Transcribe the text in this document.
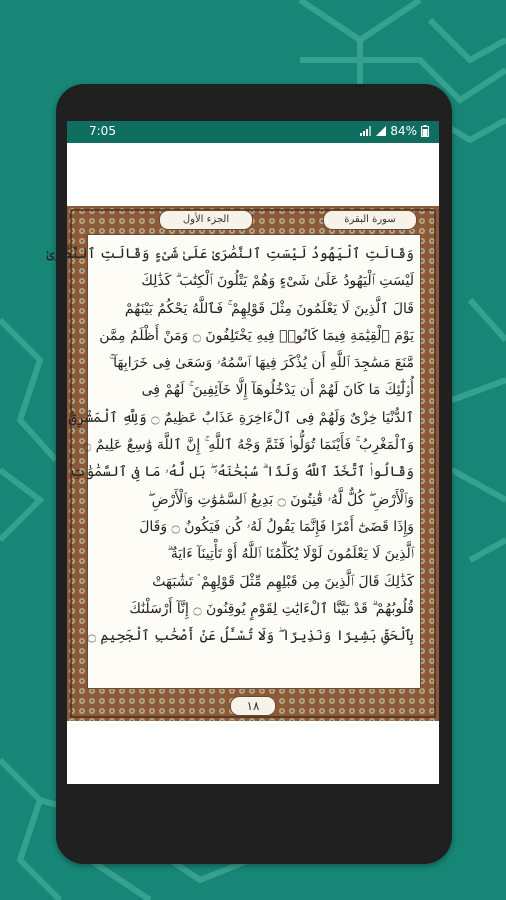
7:05	84%
سورة البقرة
الجزء الأول
وَقَالَتِ ٱلْيَهُودُ لَيْسَتِ ٱلنَّصَٰرَىٰ عَلَىٰ شَىْءٍ وَقَالَتِ ٱلنَّصَٰرَىٰ
لَيْسَتِ ٱلْيَهُودُ عَلَىٰ شَىْءٍ وَهُمْ يَتْلُونَ ٱلْكِتَٰبَ ۗ كَذَٰلِكَ
قَالَ ٱلَّذِينَ لَا يَعْلَمُونَ مِثْلَ قَوْلِهِمْ ۚ فَٱللَّهُ يَحْكُمُ بَيْنَهُمْ
يَوْمَ ٱلْقِيَٰمَةِ فِيمَا كَانُوا۟ فِيهِ يَخْتَلِفُونَ ۝ وَمَنْ أَظْلَمُ مِمَّن
مَّنَعَ مَسَٰجِدَ ٱللَّهِ أَن يُذْكَرَ فِيهَا ٱسْمُهُۥ وَسَعَىٰ فِى خَرَابِهَآ ۚ
أُو۟لَٰٓئِكَ مَا كَانَ لَهُمْ أَن يَدْخُلُوهَآ إِلَّا خَآئِفِينَ ۚ لَهُمْ فِى
ٱلدُّنْيَا خِزْىٌ وَلَهُمْ فِى ٱلْءَاخِرَةِ عَذَابٌ عَظِيمٌ ۝ وَلِلَّهِ ٱلْمَشْرِقُ
وَٱلْمَغْرِبُ ۚ فَأَيْنَمَا تُوَلُّوا۟ فَثَمَّ وَجْهُ ٱللَّهِ ۚ إِنَّ ٱللَّهَ وَٰسِعٌ عَلِيمٌ ۝
وَقَالُوا۟ ٱتَّخَذَ ٱللَّهُ وَلَدًا ۗ سُبْحَٰنَهُۥ ۖ بَل لَّهُۥ مَا فِى ٱلسَّمَٰوَٰتِ
وَٱلْأَرْضِ ۖ كُلٌّ لَّهُۥ قَٰنِتُونَ ۝ بَدِيعُ ٱلسَّمَٰوَٰتِ وَٱلْأَرْضِ ۖ
وَإِذَا قَضَىٰٓ أَمْرًا فَإِنَّمَا يَقُولُ لَهُۥ كُن فَيَكُونُ ۝ وَقَالَ
ٱلَّذِينَ لَا يَعْلَمُونَ لَوْلَا يُكَلِّمُنَا ٱللَّهُ أَوْ تَأْتِينَآ ءَايَةٌ ۗ
كَذَٰلِكَ قَالَ ٱلَّذِينَ مِن قَبْلِهِم مِّثْلَ قَوْلِهِمْ ۘ تَشَٰبَهَتْ
قُلُوبُهُمْ ۗ قَدْ بَيَّنَّا ٱلْءَايَٰتِ لِقَوْمٍ يُوقِنُونَ ۝ إِنَّآ أَرْسَلْنَٰكَ
بِٱلْحَقِّ بَشِيرًا وَنَذِيرًا ۖ وَلَا تُسْـَٔلُ عَنْ أَصْحَٰبِ ٱلْجَحِيمِ ۝
١٨
